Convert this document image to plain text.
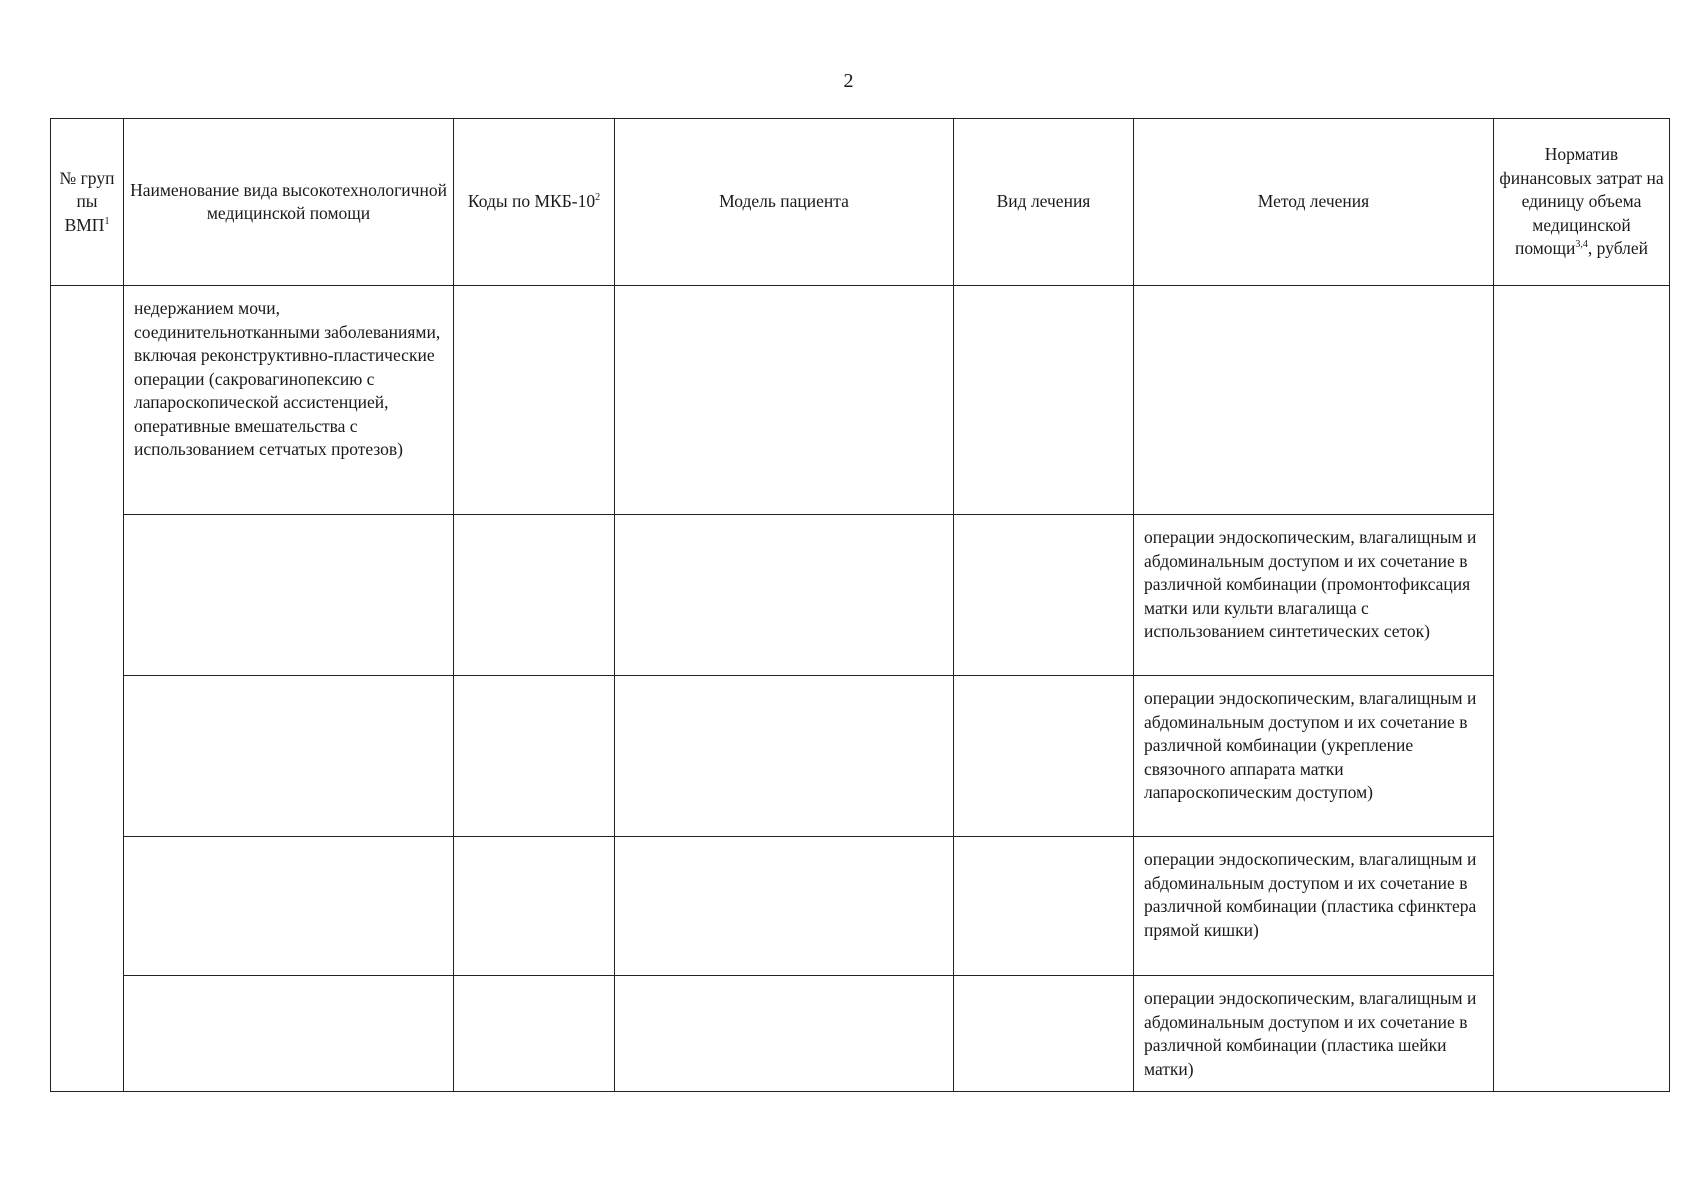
2
№ груп пы ВМП$^1$	Наименование вида высокотехнологичной медицинской помощи	Коды по МКБ-$10^2$	Модель пациента	Вид лечения	Метод лечения	Норматив финансовых затрат на единицу объема медицинской помощи$^{3,4}$, рублей
	недержанием мочи, соединительнотканными заболеваниями, включая реконструктивно-пластические операции (сакровагинопексию с лапароскопической ассистенцией, оперативные вмешательства с использованием сетчатых протезов)					
					операции эндоскопическим, влагалищным и абдоминальным доступом и их сочетание в различной комбинации (промонтофиксация матки или культи влагалища с использованием синтетических сеток)	
					операции эндоскопическим, влагалищным и абдоминальным доступом и их сочетание в различной комбинации (укрепление связочного аппарата матки лапароскопическим доступом)	
					операции эндоскопическим, влагалищным и абдоминальным доступом и их сочетание в различной комбинации (пластика сфинктера прямой кишки)	
					операции эндоскопическим, влагалищным и абдоминальным доступом и их сочетание в различной комбинации (пластика шейки матки)	
